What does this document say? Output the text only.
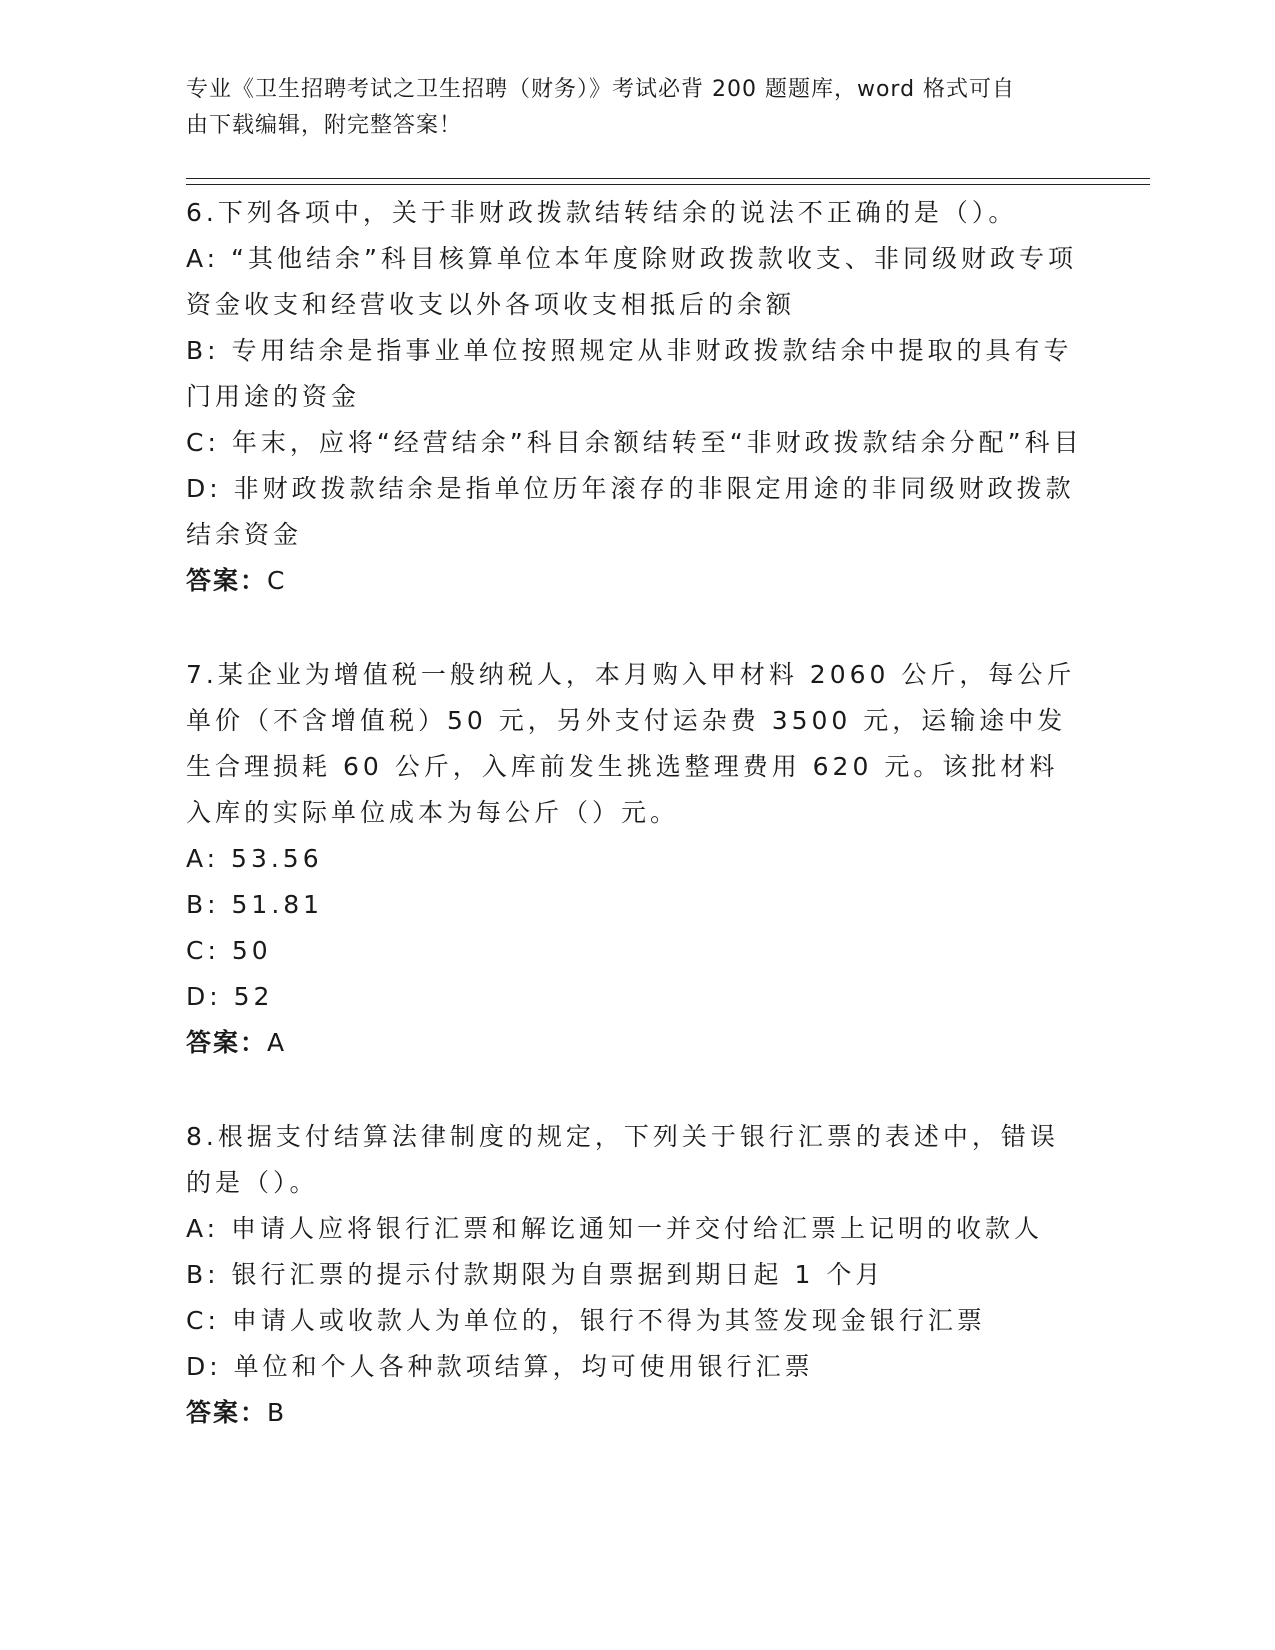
专业《卫生招聘考试之卫生招聘（财务）》考试必背 200 题题库，word 格式可自
由下载编辑，附完整答案！

6.下列各项中，关于非财政拨款结转结余的说法不正确的是（）。

A: “其他结余”科目核算单位本年度除财政拨款收支、非同级财政专项资金收支和经营收支以外各项收支相抵后的余额

B: 专用结余是指事业单位按照规定从非财政拨款结余中提取的具有专门用途的资金

C: 年末，应将“经营结余”科目余额结转至“非财政拨款结余分配”科目

D: 非财政拨款结余是指单位历年滚存的非限定用途的非同级财政拨款结余资金

答案：C

7.某企业为增值税一般纳税人，本月购入甲材料 2060 公斤，每公斤单价（不含增值税）50 元，另外支付运杂费 3500 元，运输途中发生合理损耗 60 公斤，入库前发生挑选整理费用 620 元。该批材料入库的实际单位成本为每公斤（）元。

A: 53.56

B: 51.81

C: 50

D: 52

答案：A

8.根据支付结算法律制度的规定，下列关于银行汇票的表述中，错误的是（）。

A: 申请人应将银行汇票和解讫通知一并交付给汇票上记明的收款人

B: 银行汇票的提示付款期限为自票据到期日起 1 个月

C: 申请人或收款人为单位的，银行不得为其签发现金银行汇票

D: 单位和个人各种款项结算，均可使用银行汇票

答案：B
